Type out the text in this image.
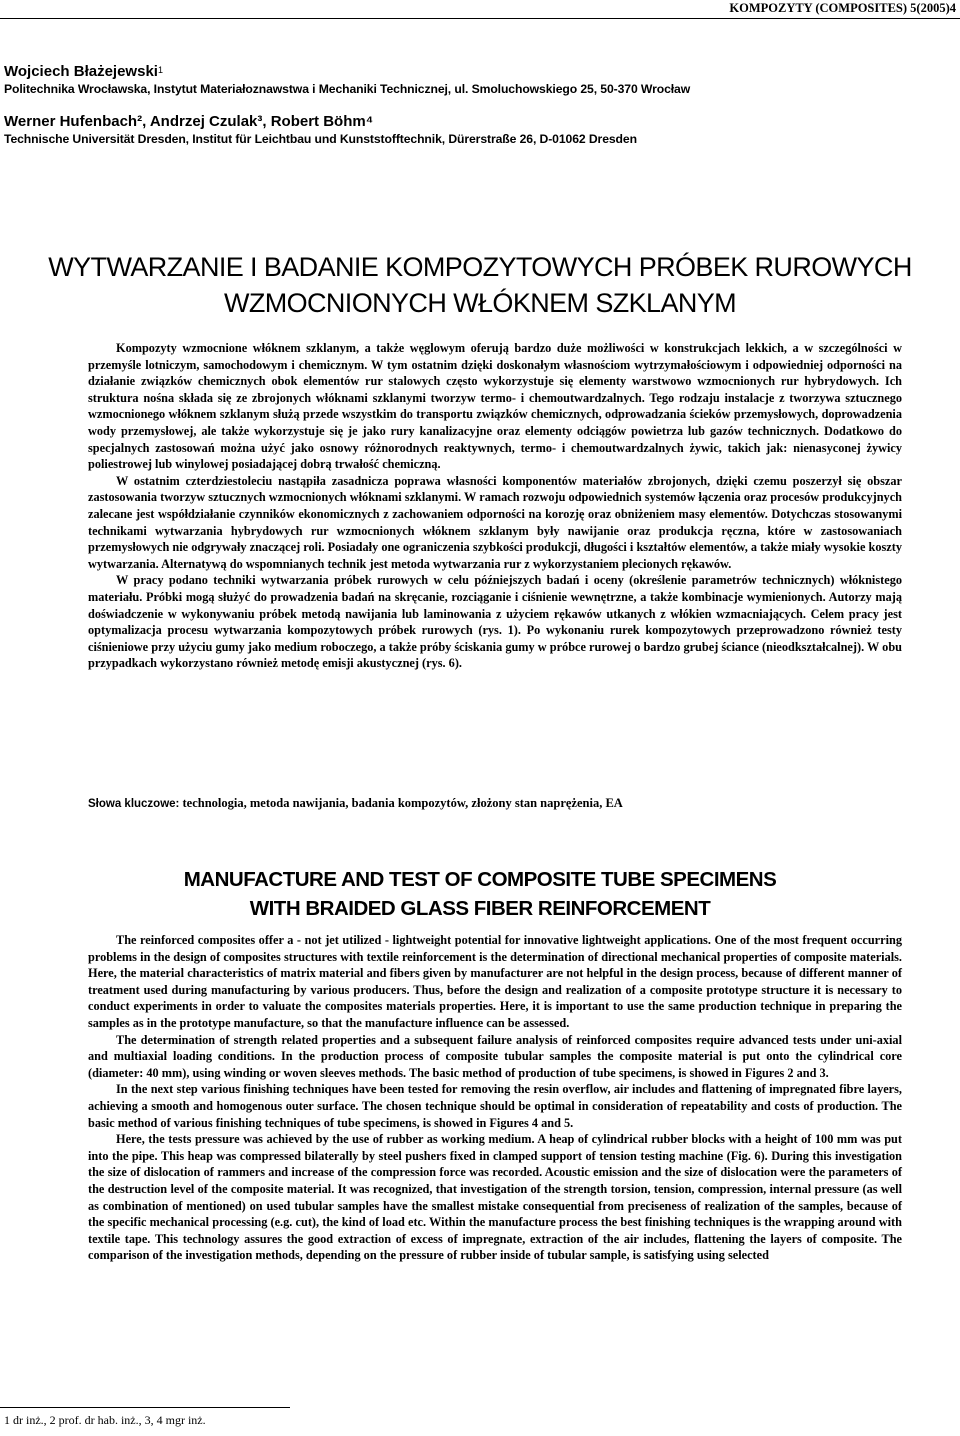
KOMPOZYTY (COMPOSITES) 5(2005)4

Wojciech Błażejewski$^1$

Politechnika Wrocławska, Instytut Materiałoznawstwa i Mechaniki Technicznej, ul. Smoluchowskiego 25, 50-370 Wrocław

Werner Hufenbach², Andrzej Czulak³, Robert Böhm⁴

Technische Universität Dresden, Institut für Leichtbau und Kunststofftechnik, Dürerstraße 26, D-01062 Dresden

WYTWARZANIE I BADANIE KOMPOZYTOWYCH PRÓBEK RUROWYCH
WZMOCNIONYCH WŁÓKNEM SZKLANYM

Kompozyty wzmocnione włóknem szklanym, a także węglowym oferują bardzo duże możliwości w konstrukcjach lekkich, a w szczególności w przemyśle lotniczym, samochodowym i chemicznym. W tym ostatnim dzięki doskonałym własnościom wytrzymałościowym i odpowiedniej odporności na działanie związków chemicznych obok elementów rur stalowych często wykorzystuje się elementy warstwowo wzmocnionych rur hybrydowych. Ich struktura nośna składa się ze zbrojonych włóknami szklanymi tworzyw termo- i chemoutwardzalnych. Tego rodzaju instalacje z tworzywa sztucznego wzmocnionego włóknem szklanym służą przede wszystkim do transportu związków chemicznych, odprowadzania ścieków przemysłowych, doprowadzenia wody przemysłowej, ale także wykorzystuje się je jako rury kanalizacyjne oraz elementy odciągów powietrza lub gazów technicznych. Dodatkowo do specjalnych zastosowań można użyć jako osnowy różnorodnych reaktywnych, termo- i chemoutwardzalnych żywic, takich jak: nienasyconej żywicy poliestrowej lub winylowej posiadającej dobrą trwałość chemiczną.

W ostatnim czterdziestoleciu nastąpiła zasadnicza poprawa własności komponentów materiałów zbrojonych, dzięki czemu poszerzył się obszar zastosowania tworzyw sztucznych wzmocnionych włóknami szklanymi. W ramach rozwoju odpowiednich systemów łączenia oraz procesów produkcyjnych zalecane jest współdziałanie czynników ekonomicznych z zachowaniem odporności na korozję oraz obniżeniem masy elementów. Dotychczas stosowanymi technikami wytwarzania hybrydowych rur wzmocnionych włóknem szklanym były nawijanie oraz produkcja ręczna, które w zastosowaniach przemysłowych nie odgrywały znaczącej roli. Posiadały one ograniczenia szybkości produkcji, długości i kształtów elementów, a także miały wysokie koszty wytwarzania. Alternatywą do wspomnianych technik jest metoda wytwarzania rur z wykorzystaniem plecionych rękawów.

W pracy podano techniki wytwarzania próbek rurowych w celu późniejszych badań i oceny (określenie parametrów technicznych) włóknistego materiału. Próbki mogą służyć do prowadzenia badań na skręcanie, rozciąganie i ciśnienie wewnętrzne, a także kombinacje wymienionych. Autorzy mają doświadczenie w wykonywaniu próbek metodą nawijania lub laminowania z użyciem rękawów utkanych z włókien wzmacniających. Celem pracy jest optymalizacja procesu wytwarzania kompozytowych próbek rurowych (rys. 1). Po wykonaniu rurek kompozytowych przeprowadzono również testy ciśnieniowe przy użyciu gumy jako medium roboczego, a także próby ściskania gumy w próbce rurowej o bardzo grubej ściance (nieodkształcalnej). W obu przypadkach wykorzystano również metodę emisji akustycznej (rys. 6).

Słowa kluczowe: technologia, metoda nawijania, badania kompozytów, złożony stan naprężenia, EA

MANUFACTURE AND TEST OF COMPOSITE TUBE SPECIMENS
WITH BRAIDED GLASS FIBER REINFORCEMENT

The reinforced composites offer a - not jet utilized - lightweight potential for innovative lightweight applications. One of the most frequent occurring problems in the design of composites structures with textile reinforcement is the determination of directional mechanical properties of composite materials. Here, the material characteristics of matrix material and fibers given by manufacturer are not helpful in the design process, because of different manner of treatment used during manufacturing by various producers. Thus, before the design and realization of a composite prototype structure it is necessary to conduct experiments in order to valuate the composites materials properties. Here, it is important to use the same production technique in preparing the samples as in the prototype manufacture, so that the manufacture influence can be assessed.

The determination of strength related properties and a subsequent failure analysis of reinforced composites require advanced tests under uni-axial and multiaxial loading conditions. In the production process of composite tubular samples the composite material is put onto the cylindrical core (diameter: 40 mm), using winding or woven sleeves methods. The basic method of production of tube specimens, is showed in Figures 2 and 3.

In the next step various finishing techniques have been tested for removing the resin overflow, air includes and flattening of impregnated fibre layers, achieving a smooth and homogenous outer surface. The chosen technique should be optimal in consideration of repeatability and costs of production. The basic method of various finishing techniques of tube specimens, is showed in Figures 4 and 5.

Here, the tests pressure was achieved by the use of rubber as working medium. A heap of cylindrical rubber blocks with a height of 100 mm was put into the pipe. This heap was compressed bilaterally by steel pushers fixed in clamped support of tension testing machine (Fig. 6). During this investigation the size of dislocation of rammers and increase of the compression force was recorded. Acoustic emission and the size of dislocation were the parameters of the destruction level of the composite material. It was recognized, that investigation of the strength torsion, tension, compression, internal pressure (as well as combination of mentioned) on used tubular samples have the smallest mistake consequential from preciseness of realization of the samples, because of the specific mechanical processing (e.g. cut), the kind of load etc. Within the manufacture process the best finishing techniques is the wrapping around with textile tape. This technology assures the good extraction of excess of impregnate, extraction of the air includes, flattening the layers of composite. The comparison of the investigation methods, depending on the pressure of rubber inside of tubular sample, is satisfying using selected

1 dr inż., 2 prof. dr hab. inż., 3, 4 mgr inż.
